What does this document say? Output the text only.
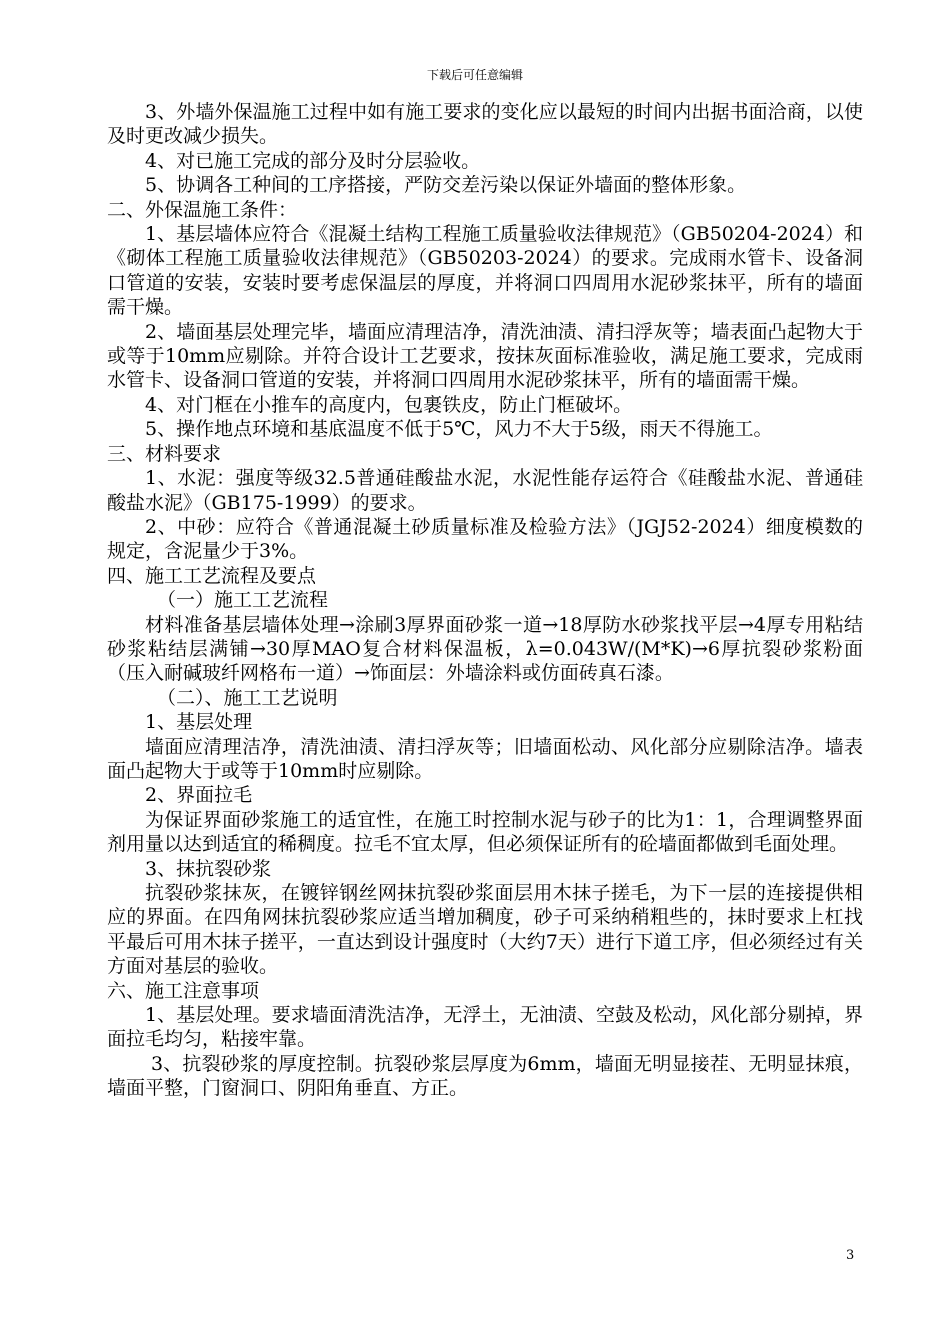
下载后可任意编辑

3、外墙外保温施工过程中如有施工要求的变化应以最短的时间内出据书面洽商，以使及时更改减少损失。

4、对已施工完成的部分及时分层验收。

5、协调各工种间的工序搭接，严防交差污染以保证外墙面的整体形象。

二、外保温施工条件：

1、基层墙体应符合《混凝土结构工程施工质量验收法律规范》（GB50204-2024）和《砌体工程施工质量验收法律规范》（GB50203-2024）的要求。完成雨水管卡、设备洞口管道的安装，安装时要考虑保温层的厚度，并将洞口四周用水泥砂浆抹平，所有的墙面需干燥。

2、墙面基层处理完毕，墙面应清理洁净，清洗油渍、清扫浮灰等；墙表面凸起物大于或等于10mm应剔除。并符合设计工艺要求，按抹灰面标准验收，满足施工要求，完成雨水管卡、设备洞口管道的安装，并将洞口四周用水泥砂浆抹平，所有的墙面需干燥。

4、对门框在小推车的高度内，包裹铁皮，防止门框破坏。

5、操作地点环境和基底温度不低于5℃，风力不大于5级，雨天不得施工。

三、材料要求

1、水泥：强度等级32.5普通硅酸盐水泥，水泥性能存运符合《硅酸盐水泥、普通硅酸盐水泥》（GB175-1999）的要求。

2、中砂：应符合《普通混凝土砂质量标准及检验方法》（JGJ52-2024）细度模数的规定，含泥量少于3%。

四、施工工艺流程及要点

（一）施工工艺流程

材料准备基层墙体处理→涂刷3厚界面砂浆一道→18厚防水砂浆找平层→4厚专用粘结砂浆粘结层满铺→30厚MAO复合材料保温板，λ=0.043W/(M*K)→6厚抗裂砂浆粉面（压入耐碱玻纤网格布一道）→饰面层：外墙涂料或仿面砖真石漆。

（二）、施工工艺说明

1、基层处理

墙面应清理洁净，清洗油渍、清扫浮灰等；旧墙面松动、风化部分应剔除洁净。墙表面凸起物大于或等于10mm时应剔除。

2、界面拉毛

为保证界面砂浆施工的适宜性，在施工时控制水泥与砂子的比为1：1，合理调整界面剂用量以达到适宜的稀稠度。拉毛不宜太厚，但必须保证所有的砼墙面都做到毛面处理。

3、抹抗裂砂浆

抗裂砂浆抹灰，在镀锌钢丝网抹抗裂砂浆面层用木抹子搓毛，为下一层的连接提供相应的界面。在四角网抹抗裂砂浆应适当增加稠度，砂子可采纳稍粗些的，抹时要求上杠找平最后可用木抹子搓平，一直达到设计强度时（大约7天）进行下道工序，但必须经过有关方面对基层的验收。

六、施工注意事项

1、基层处理。要求墙面清洗洁净，无浮土，无油渍、空鼓及松动，风化部分剔掉，界面拉毛均匀，粘接牢靠。

3、抗裂砂浆的厚度控制。抗裂砂浆层厚度为6mm，墙面无明显接茬、无明显抹痕，墙面平整，门窗洞口、阴阳角垂直、方正。

3
